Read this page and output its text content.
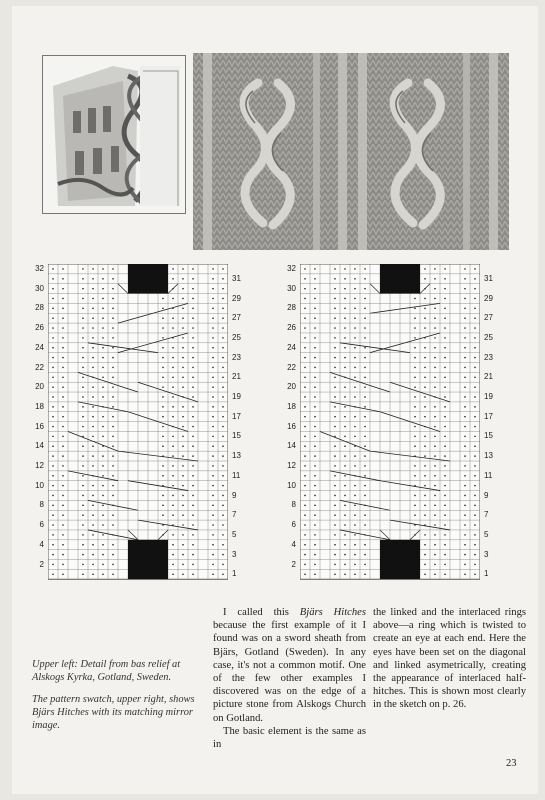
32
30
28
26
24
22
20
18
16
14
12
10
8
6
4
2
31
29
27
25
23
21
19
17
15
13
11
9
7
5
3
1
32
30
28
26
24
22
20
18
16
14
12
10
8
6
4
2
31
29
27
25
23
21
19
17
15
13
11
9
7
5
3
1

Upper left: Detail from bas relief at Alskogs Kyrka, Gotland, Sweden.

The pattern swatch, upper right, shows Bjärs Hitches with its matching mirror image.

I called this Bjärs Hitches because the first example of it I found was on a sword sheath from Bjärs, Gotland (Sweden). In any case, it's not a common motif. One of the few other examples I discovered was on the edge of a picture stone from Alskogs Church on Gotland.

The basic element is the same as in

the linked and the interlaced rings above—a ring which is twisted to create an eye at each end. Here the eyes have been set on the diagonal and linked asymetrically, creating the appearance of interlaced half-hitches. This is shown most clearly in the sketch on p. 26.

23
